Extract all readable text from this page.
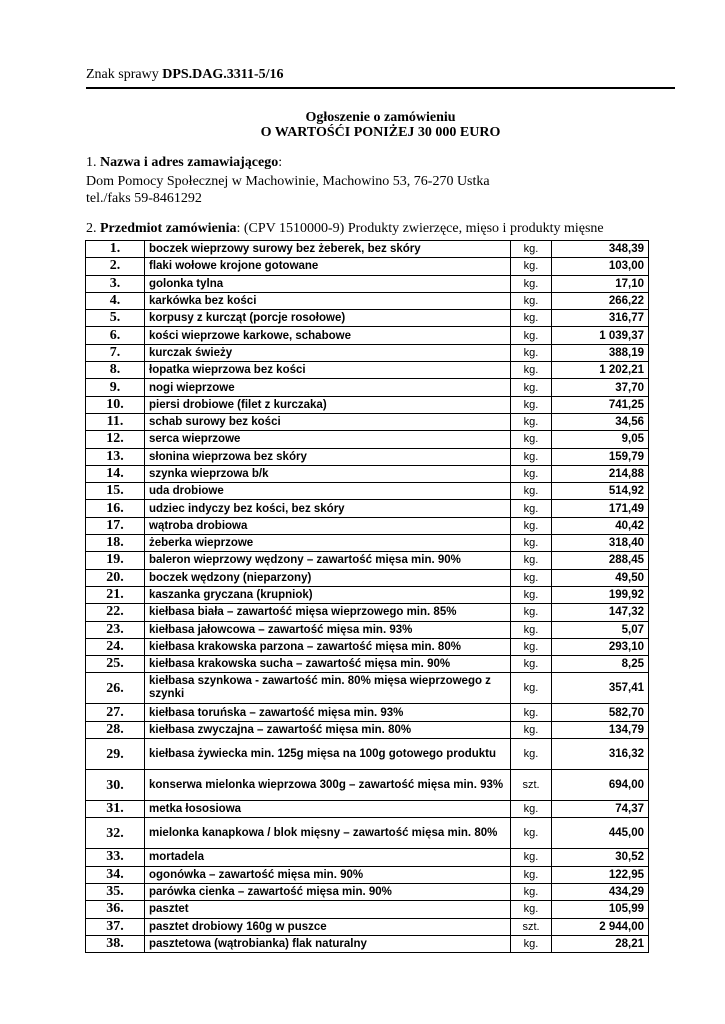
Znak sprawy DPS.DAG.3311-5/16
Ogłoszenie o zamówieniu
O WARTOŚĆI PONIŻEJ 30 000 EURO
1. Nazwa i adres zamawiającego:
Dom Pomocy Społecznej w Machowinie, Machowino 53, 76-270 Ustka
tel./faks 59-8461292
2. Przedmiot zamówienia: (CPV 1510000-9) Produkty zwierzęce, mięso i produkty mięsne
1.	boczek wieprzowy surowy bez żeberek, bez skóry	kg.	348,39
2.	flaki wołowe krojone gotowane	kg.	103,00
3.	golonka tylna	kg.	17,10
4.	karkówka bez kości	kg.	266,22
5.	korpusy z kurcząt (porcje rosołowe)	kg.	316,77
6.	kości wieprzowe karkowe, schabowe	kg.	1 039,37
7.	kurczak świeży	kg.	388,19
8.	łopatka wieprzowa bez kości	kg.	1 202,21
9.	nogi wieprzowe	kg.	37,70
10.	piersi drobiowe (filet z kurczaka)	kg.	741,25
11.	schab surowy bez kości	kg.	34,56
12.	serca wieprzowe	kg.	9,05
13.	słonina wieprzowa bez skóry	kg.	159,79
14.	szynka wieprzowa b/k	kg.	214,88
15.	uda drobiowe	kg.	514,92
16.	udziec indyczy bez kości, bez skóry	kg.	171,49
17.	wątroba drobiowa	kg.	40,42
18.	żeberka wieprzowe	kg.	318,40
19.	baleron wieprzowy wędzony – zawartość mięsa min. 90%	kg.	288,45
20.	boczek wędzony (nieparzony)	kg.	49,50
21.	kaszanka gryczana (krupniok)	kg.	199,92
22.	kiełbasa biała – zawartość mięsa wieprzowego min. 85%	kg.	147,32
23.	kiełbasa jałowcowa – zawartość mięsa min. 93%	kg.	5,07
24.	kiełbasa krakowska parzona – zawartość mięsa min. 80%	kg.	293,10
25.	kiełbasa krakowska sucha – zawartość mięsa min. 90%	kg.	8,25
26.	kiełbasa szynkowa - zawartość min. 80% mięsa wieprzowego z szynki	kg.	357,41
27.	kiełbasa toruńska – zawartość mięsa min. 93%	kg.	582,70
28.	kiełbasa zwyczajna – zawartość mięsa min. 80%	kg.	134,79
29.	kiełbasa żywiecka min. 125g mięsa na 100g gotowego produktu	kg.	316,32
30.	konserwa mielonka wieprzowa 300g – zawartość mięsa min. 93%	szt.	694,00
31.	metka łososiowa	kg.	74,37
32.	mielonka kanapkowa / blok mięsny – zawartość mięsa min. 80%	kg.	445,00
33.	mortadela	kg.	30,52
34.	ogonówka – zawartość mięsa min. 90%	kg.	122,95
35.	parówka cienka – zawartość mięsa min. 90%	kg.	434,29
36.	pasztet	kg.	105,99
37.	pasztet drobiowy 160g w puszce	szt.	2 944,00
38.	pasztetowa (wątrobianka) flak naturalny	kg.	28,21
